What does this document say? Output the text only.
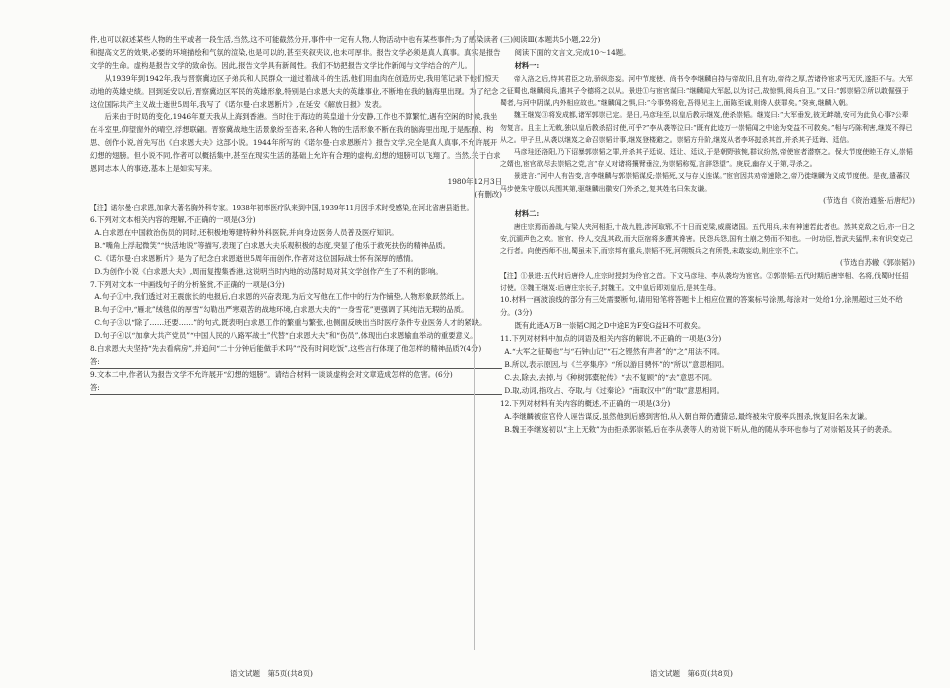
件,也可以叙述某些人物的生平或者一段生活,当然,这不可能截然分开,事件中一定有人物,人物活动中也有某些事件;为了感染读者和提高文艺的效果,必要的环境描绘和气氛的渲染,也是可以的,甚至夹叙夹议,也未可厚非。报告文学必须是真人真事。真实是报告文学的生命。虚构是报告文学的致命伤。因此,报告文学具有新闻性。我们不妨把报告文学比作新闻与文学结合的产儿。

从1939年到1942年,我与晋察冀边区子弟兵和人民群众一道过着战斗的生活,他们用血肉在创造历史,我用笔记录下他们惊天动地的英雄史绩。回到延安以后,晋察冀边区军民的英雄形象,特别是白求恩大夫的英雄事业,不断地在我的脑海里出现。为了纪念这位国际共产主义战士逝世5周年,我写了《诺尔曼·白求恩断片》,在延安《解放日报》发表。

后来由于时局的变化,1946年夏天我从上海到香港。当时住于海边的英皇道十分安静,工作也不算繁忙,遇有空闲的时候,我坐在斗室里,仰望窗外的晴空,浮想联翩。晋察冀战地生活景象纷至沓来,各种人物的生活形象不断在我的脑海里出现,于是酝酿、构思、创作小说,首先写出《白求恩大夫》这部小说。1944年所写的《诺尔曼·白求恩断片》报告文学,完全是真人真事,不允许展开幻想的翅膀。但小说不同,作者可以概括集中,甚至在现实生活的基础上允许有合理的虚构,幻想的翅膀可以飞翔了。当然,关于白求恩同志本人的事迹,基本上是如实写来。

1980年12月3日

(有删改)

【注】诺尔曼·白求恩,加拿大著名胸外科专家。1938年初率医疗队来到中国,1939年11月因手术时受感染,在河北省唐县逝世。

6.下列对文本相关内容的理解,不正确的一项是(3分)

A.白求恩在中国救治伤员的同时,还积极地筹建特种外科医院,并向身边医务人员普及医疗知识。

B.“嘴角上浮起微笑”“快活地说”等描写,表现了白求恩大夫乐观积极的态度,突显了他乐于救死扶伤的精神品质。

C.《诺尔曼·白求恩断片》是为了纪念白求恩逝世5周年而创作,作者对这位国际战士怀有深厚的感情。

D.为创作小说《白求恩大夫》,周而复搜集香港,这说明当时内地的动荡时局对其文学创作产生了不利的影响。

7.下列对文本一中画线句子的分析鉴赏,不正确的一项是(3分)

A.句子①中,我们透过对王震旅长的电报后,白求恩的兴奋表现,为后文写他在工作中的行为作铺垫,人物形象跃然纸上。

B.句子②中,“雁北”绒毯似的厚雪”勾勒出严寒艰苦的战地环境,白求恩大夫的“一身雪花”更强调了其纯洁无瑕的品质。

C.句子③以“除了……还要……”的句式,既表明白求恩工作的繁重与繁张,也侧面反映出当时医疗条件专业医务人才的紧缺。

D.句子④以“加拿大共产党员”“中国人民的八路军战士”代替“白求恩大夫”和“伤员”,体现出白求恩输血举动的重要意义。

8.白求恩大夫坚持“先去看病房”,并追问“二十分钟后能做手术吗”“没有时间吃饭”,这些言行体现了他怎样的精神品质?(4分)

答:

9.文本二中,作者认为报告文学不允许展开“幻想的翅膀”。请结合材料一谈谈虚构会对文章造成怎样的危害。(6分)

答:

(三)阅读Ⅲ(本题共5小题,22分)

阅读下面的文言文,完成10～14题。

材料一:

帝入洛之后,恃其君臣之功,骄纵恣妄。河中节度使、尚书令李继麟自持与帝故旧,且有功,帝待之厚,苦诸伶宦求丐无厌,遂拒不与。大军之征蜀也,继麟阅兵,遣其子令德将之以从。景进①与宦官谋曰:“继麟闻大军起,以为讨己,故惊惧,阅兵自卫。”又曰:“郭崇韬②所以敢倔强于蜀者,与河中阴谋,内外相应故也。”继麟闻之惧,曰:“今事势将危,吾得见主上,面陈至诚,则谗人获罪矣。”癸亥,继麟入朝。

魏王继岌③将发成都,诸军郭崇已定。是日,马彦珪至,以皇后教示继岌,使杀崇韬。继岌曰:“大军垂发,彼无衅端,安可为此负心事?公辈勿复言。且主上无敕,独以皇后教杀招讨使,可乎?”李从袭等泣曰:“既有此迹万一崇韬闻之中途为变益不可救矣。”相与巧陈利害,继岌不得已从之。甲子旦,从袭以继岌之命召崇韬计事,继岌登楼避之。崇韬方升阶,继岌从者李环挝杀其首,并杀其子廷诲、廷信。

马彦珪还洛阳,乃下诏暴郭崇韬之罪,并杀其子廷说、廷让、廷议,于是朝野骇惋,群议纷然,帝使宦者潜察之。保大节度使睦王存乂,崇韬之婿也,宦官欲尽去崇韬之党,言“存乂对诸将攘臂垂泣,为崇韬称冤,言辞怨望”。庚辰,幽存乂于第,寻杀之。

景进言:“河中人有告变,言李继麟与郭崇韬谋反;崇韬死,又与存乂连谋。”宦官因共劝帝速除之,帝乃徙继麟为义成节度使。是夜,遣蕃汉马步使朱守殷以兵围其第,驱继麟出徽安门外杀之,复其姓名曰朱友谦。

(节选自《资治通鉴·后唐纪》)

材料二:

唐庄宗焉而善战,与梁人夹河相拒,十战九胜,涉河取郓,不十日而克梁,威震诸国。五代用兵,未有神速若此者也。然其克敌之后,亦一日之安,沉湎声色之欢。宦官、伶人,交乱其政,而大臣宿将多遭其谗害。民怨兵怨,国有土崩之势而不知也。一时功臣,皆武夫猛悍,未有识变克己之行者。向使西师不出,蜀虽未下,而宗邦有重兵,崇韬不死,河朔叛兵之有所畏,未敢妄动,则庄宗不亡。

(节选自苏辙《郭崇韬》)

【注】①景进:五代时后唐伶人,庄宗时授封为伶官之首。下文马彦珪、李从袭均为宦官。②郭崇韬:五代时期后唐宰相、名将,伐蜀时任招讨使。③魏王继岌:后唐庄宗长子,封魏王。文中皇后即刘皇后,是其生母。

10.材料一画波浪线的部分有三处需要断句,请用铅笔将答题卡上相应位置的答案标号涂黑,每涂对一处给1分,涂黑超过三处不给分。(3分)

既有此迹A万B一崇韬C闻之D中途E为F变G益H不可救矣。

11.下列对材料中加点的词语及相关内容的解说,不正确的一项是(3分)

A.“大军之征蜀也”与“石钟山记”“石之铿然有声者”的“之”用法不同。

B.所以,表示原因,与《兰亭集序》“所以游目骋怀”的“所以”意思相同。

C.去,除去,去掉,与《种树郭橐驼传》“去不复顾”的“去”意思不同。

D.取,动词,指攻占、夺取,与《过秦论》“南取汉中”的“取”意思相同。

12.下列对材料有关内容的概述,不正确的一项是(3分)

A.李继麟被宦官伶人诬告谋反,虽然他到后感到害怕,从入朝自辩仍遭猜忌,最终被朱守殷率兵围杀,恢复旧名朱友谦。

B.魏王李继岌初以“主上无敕”为由拒杀郭崇韬,后在李从袭等人的劝说下听从,他的随从李环也参与了对崇韬及其子的袭杀。

语文试题　第5页(共8页)	语文试题　第6页(共8页)
